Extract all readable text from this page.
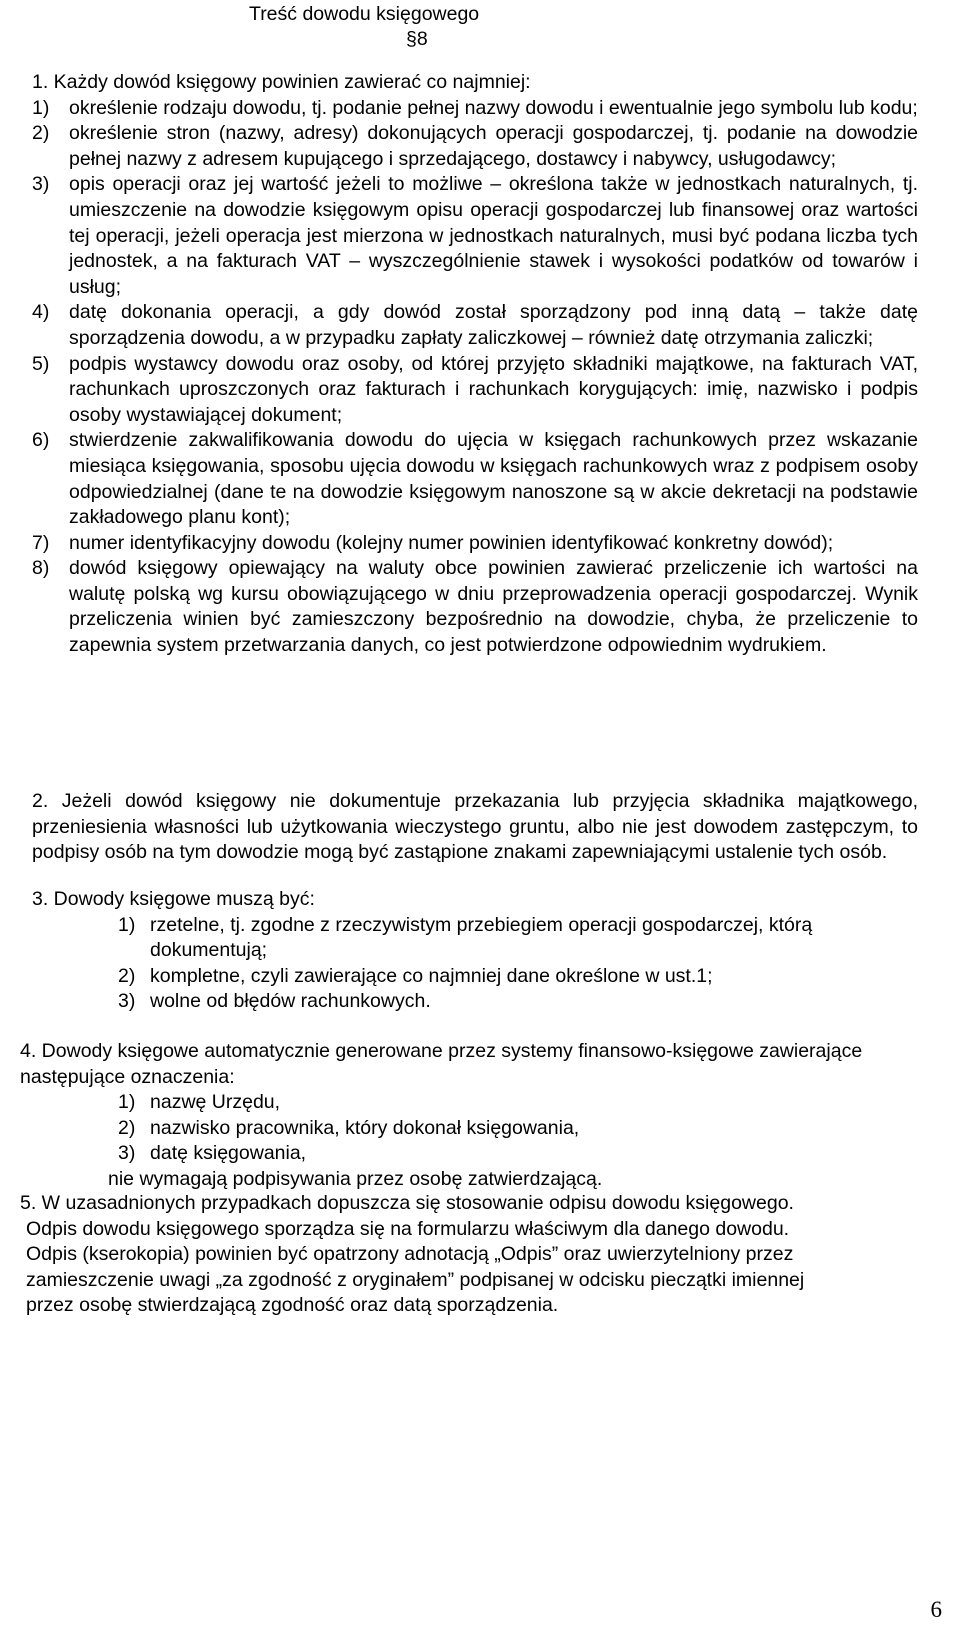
Treść dowodu księgowego
§8
1. Każdy dowód księgowy powinien zawierać co najmniej:
1) określenie rodzaju dowodu, tj. podanie pełnej nazwy dowodu i ewentualnie jego symbolu lub kodu;
2) określenie stron (nazwy, adresy) dokonujących operacji gospodarczej, tj. podanie na dowodzie pełnej nazwy z adresem kupującego i sprzedającego, dostawcy i nabywcy, usługodawcy;
3) opis operacji oraz jej wartość jeżeli to możliwe – określona także w jednostkach naturalnych, tj. umieszczenie na dowodzie księgowym opisu operacji gospodarczej lub finansowej oraz wartości tej operacji, jeżeli operacja jest mierzona w jednostkach naturalnych, musi być podana liczba tych jednostek, a na fakturach VAT – wyszczególnienie stawek i wysokości podatków od towarów i usług;
4) datę dokonania operacji, a gdy dowód został sporządzony pod inną datą – także datę sporządzenia dowodu, a w przypadku zapłaty zaliczkowej – również datę otrzymania zaliczki;
5) podpis wystawcy dowodu oraz osoby, od której przyjęto składniki majątkowe, na fakturach VAT, rachunkach uproszczonych oraz fakturach i rachunkach korygujących: imię, nazwisko i podpis osoby wystawiającej dokument;
6) stwierdzenie zakwalifikowania dowodu do ujęcia w księgach rachunkowych przez wskazanie miesiąca księgowania, sposobu ujęcia dowodu w księgach rachunkowych wraz z podpisem osoby odpowiedzialnej (dane te na dowodzie księgowym nanoszone są w akcie dekretacji na podstawie zakładowego planu kont);
7) numer identyfikacyjny dowodu (kolejny numer powinien identyfikować konkretny dowód);
8) dowód księgowy opiewający na waluty obce powinien zawierać przeliczenie ich wartości na walutę polską wg kursu obowiązującego w dniu przeprowadzenia operacji gospodarczej. Wynik przeliczenia winien być zamieszczony bezpośrednio na dowodzie, chyba, że przeliczenie to zapewnia system przetwarzania danych, co jest potwierdzone odpowiednim wydrukiem.
2. Jeżeli dowód księgowy nie dokumentuje przekazania lub przyjęcia składnika majątkowego, przeniesienia własności lub użytkowania wieczystego gruntu, albo nie jest dowodem zastępczym, to podpisy osób na tym dowodzie mogą być zastąpione znakami zapewniającymi ustalenie tych osób.
3. Dowody księgowe muszą być:
1) rzetelne, tj. zgodne z rzeczywistym przebiegiem operacji gospodarczej, którą dokumentują;
2) kompletne, czyli zawierające co najmniej dane określone w ust.1;
3) wolne od błędów rachunkowych.
4. Dowody księgowe automatycznie generowane przez systemy finansowo-księgowe zawierające następujące oznaczenia:
1) nazwę Urzędu,
2) nazwisko pracownika, który dokonał księgowania,
3) datę księgowania,
nie wymagają podpisywania przez osobę zatwierdzającą.
5. W uzasadnionych przypadkach dopuszcza się stosowanie odpisu dowodu księgowego.
Odpis dowodu księgowego sporządza się na formularzu właściwym dla danego dowodu.
Odpis (kserokopia) powinien być opatrzony adnotacją „Odpis” oraz uwierzytelniony przez
zamieszczenie uwagi „za zgodność z oryginałem” podpisanej w odcisku pieczątki imiennej
przez osobę stwierdzającą zgodność oraz datą sporządzenia.
6
